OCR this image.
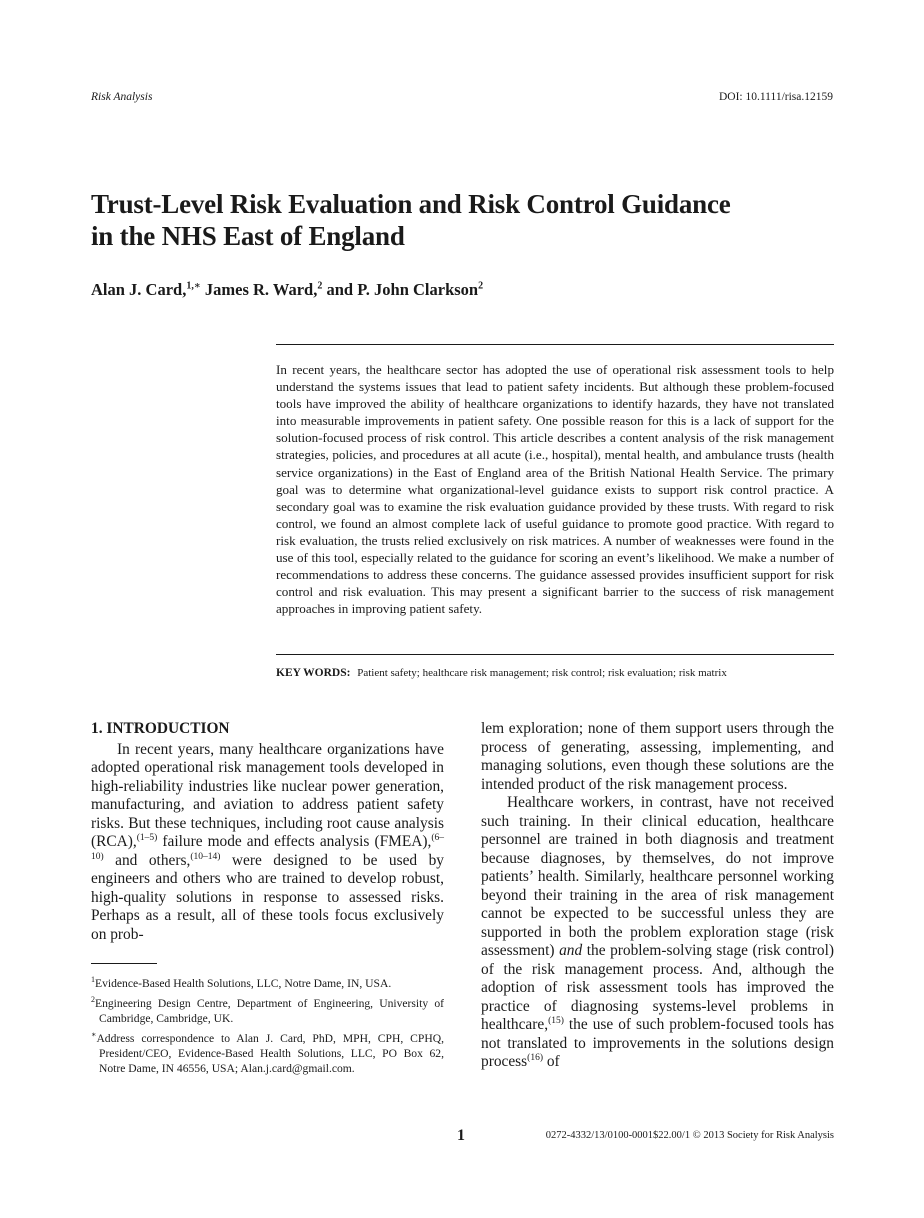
Risk Analysis	DOI: 10.1111/risa.12159
Trust-Level Risk Evaluation and Risk Control Guidance
in the NHS East of England
Alan J. Card,$^{1,∗}$ James R. Ward,$^2$ and P. John Clarkson$^2$

In recent years, the healthcare sector has adopted the use of operational risk assessment tools to help understand the systems issues that lead to patient safety incidents. But although these problem-focused tools have improved the ability of healthcare organizations to identify hazards, they have not translated into measurable improvements in patient safety. One possible reason for this is a lack of support for the solution-focused process of risk control. This article describes a content analysis of the risk management strategies, policies, and procedures at all acute (i.e., hospital), mental health, and ambulance trusts (health service organizations) in the East of England area of the British National Health Service. The primary goal was to determine what organizational-level guidance exists to support risk control practice. A secondary goal was to examine the risk evaluation guidance provided by these trusts. With regard to risk control, we found an almost complete lack of useful guidance to promote good practice. With regard to risk evaluation, the trusts relied exclusively on risk matrices. A number of weaknesses were found in the use of this tool, especially related to the guidance for scoring an event’s likelihood. We make a number of recommendations to address these concerns. The guidance assessed provides insufficient support for risk control and risk evaluation. This may present a significant barrier to the success of risk management approaches in improving patient safety.

KEY WORDS: Patient safety; healthcare risk management; risk control; risk evaluation; risk matrix
1. INTRODUCTION

In recent years, many healthcare organizations have adopted operational risk management tools developed in high-reliability industries like nuclear power generation, manufacturing, and aviation to address patient safety risks. But these techniques, including root cause analysis (RCA),$^{(1-5)}$ failure mode and effects analysis (FMEA),$^{(6-10)}$ and others,$^{(10-14)}$ were designed to be used by engineers and others who are trained to develop robust, high-quality solutions in response to assessed risks. Perhaps as a result, all of these tools focus exclusively on prob-

$^1$Evidence-Based Health Solutions, LLC, Notre Dame, IN, USA.

$^2$Engineering Design Centre, Department of Engineering, University of Cambridge, Cambridge, UK.

∗Address correspondence to Alan J. Card, PhD, MPH, CPH, CPHQ, President/CEO, Evidence-Based Health Solutions, LLC, PO Box 62, Notre Dame, IN 46556, USA; Alan.j.card@gmail.com.

lem exploration; none of them support users through the process of generating, assessing, implementing, and managing solutions, even though these solutions are the intended product of the risk management process.

Healthcare workers, in contrast, have not received such training. In their clinical education, healthcare personnel are trained in both diagnosis and treatment because diagnoses, by themselves, do not improve patients’ health. Similarly, healthcare personnel working beyond their training in the area of risk management cannot be expected to be successful unless they are supported in both the problem exploration stage (risk assessment) and the problem-solving stage (risk control) of the risk management process. And, although the adoption of risk assessment tools has improved the practice of diagnosing systems-level problems in healthcare,$^{(15)}$ the use of such problem-focused tools has not translated to improvements in the solutions design process$^{(16)}$ of

1	0272-4332/13/0100-0001$22.00/1 © 2013 Society for Risk Analysis
